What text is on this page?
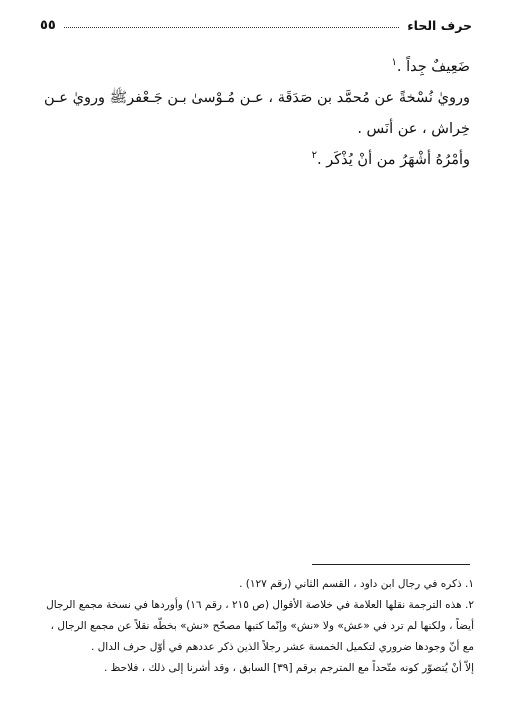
حرف الحاء
٥٥

ضَعِيفٌ جِداً .$^١$

ورويٰ نُسْخةً عن مُحمَّد بن صَدَقَة ، عـن مُـوْسىٰ بـن جَـعْفرﷺ ورويٰ عـن

خِراش ، عن أنَس .

وأمْرُهُ أشْهَرُ من أنْ يُذْكَر .$^٢$

١. ذكره في رجال ابن داود ، القسم الثاني (رقم ١٢٧) .

٢. هذه الترجمة نقلها العلامة في خلاصة الأقوال (ص ٢١٥ ، رقم ١٦) وأوردها في نسخة مجمع الرجال

أيضاً ، ولكنها لم ترد في «عش» ولا «نش» وإنّما كتبها مصحّح «نش» بخطّه نقلاً عن مجمع الرجال ،

مع أنّ وجودها ضروري لتكميل الخمسة عشر رجلاً الذين ذكر عددهم في أوّل حرف الدال .

إلاّ أنْ يُتصوّر كونه متّحداً مع المترجم برقم [٣٩] السابق ، وقد أشرنا إلى ذلك ، فلاحظ .
